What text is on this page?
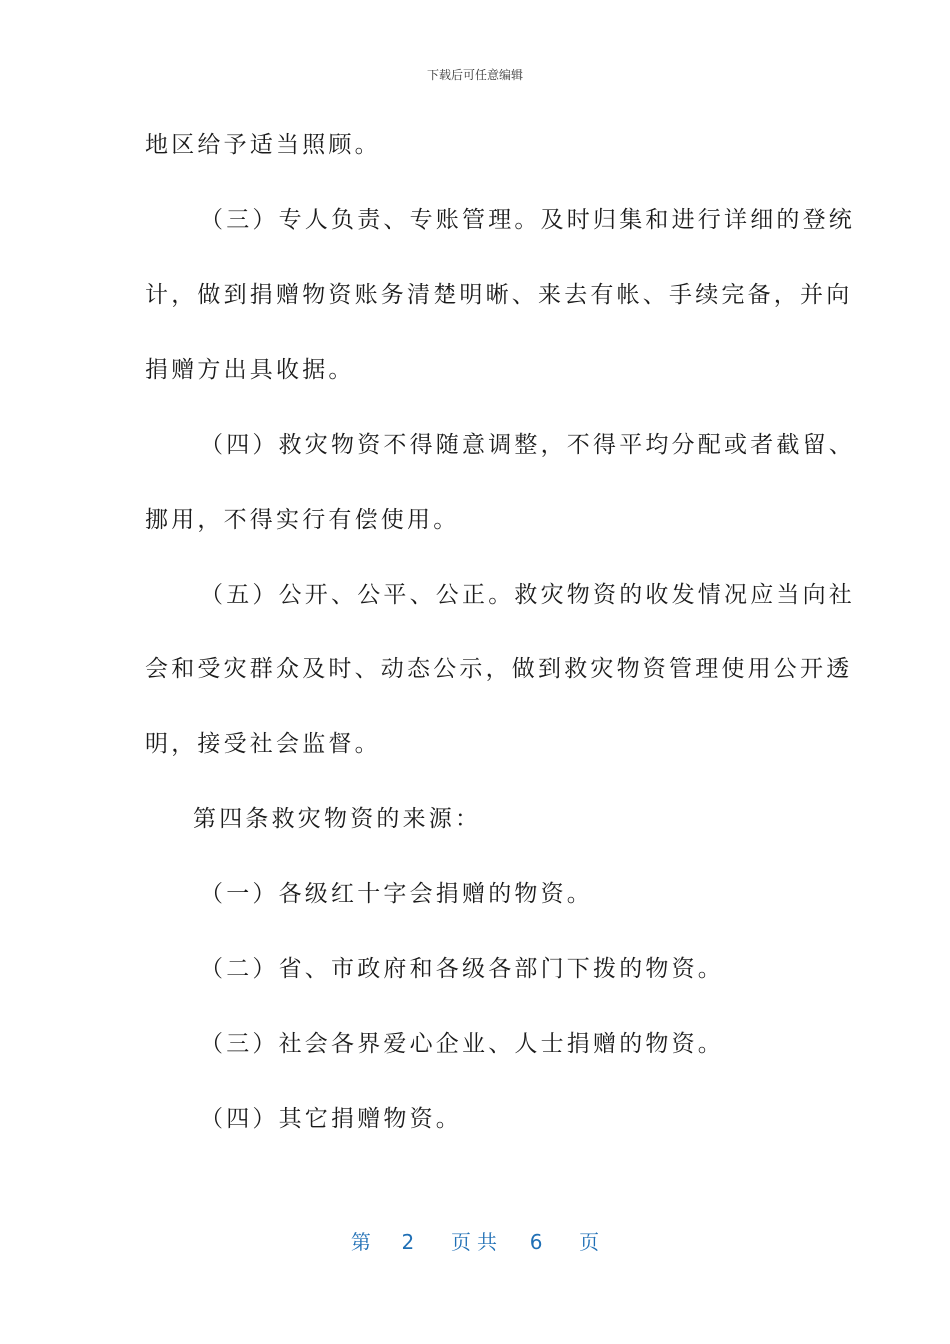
下载后可任意编辑
地区给予适当照顾。
（三）专人负责、专账管理。及时归集和进行详细的登统
计，做到捐赠物资账务清楚明晰、来去有帐、手续完备，并向
捐赠方出具收据。
（四）救灾物资不得随意调整，不得平均分配或者截留、
挪用，不得实行有偿使用。
（五）公开、公平、公正。救灾物资的收发情况应当向社
会和受灾群众及时、动态公示，做到救灾物资管理使用公开透
明，接受社会监督。
第四条救灾物资的来源：
（一）各级红十字会捐赠的物资。
（二）省、市政府和各级各部门下拨的物资。
（三）社会各界爱心企业、人士捐赠的物资。
（四）其它捐赠物资。
第 2 页共 6 页
